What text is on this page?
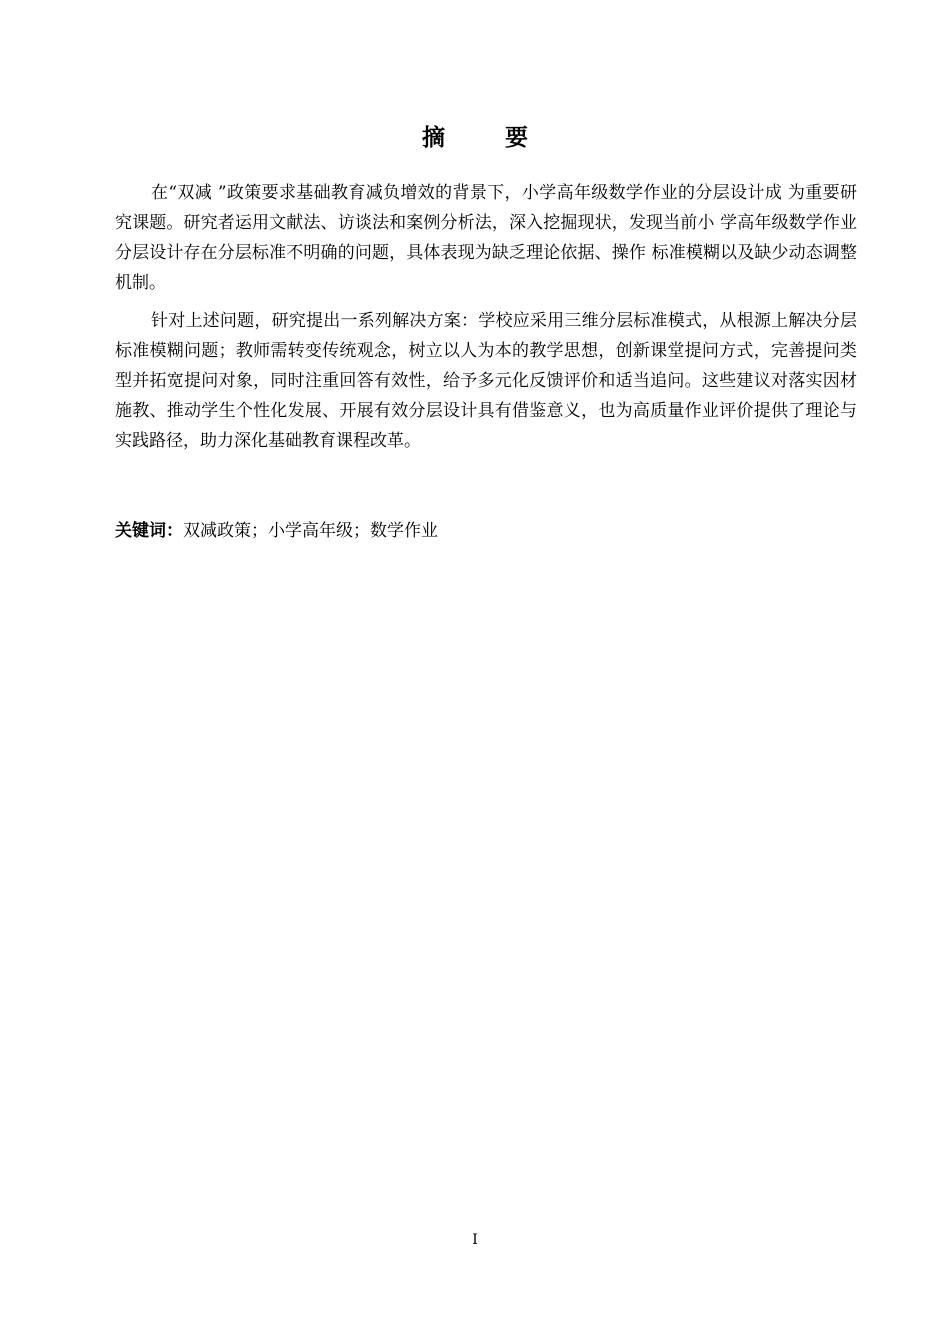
摘 要

在“双减 ”政策要求基础教育减负增效的背景下，小学高年级数学作业的分层设计成 为重要研究课题。研究者运用文献法、访谈法和案例分析法，深入挖掘现状，发现当前小 学高年级数学作业分层设计存在分层标准不明确的问题，具体表现为缺乏理论依据、操作 标准模糊以及缺少动态调整机制。

针对上述问题，研究提出一系列解决方案：学校应采用三维分层标准模式，从根源上解决分层标准模糊问题；教师需转变传统观念，树立以人为本的教学思想，创新课堂提问方式，完善提问类型并拓宽提问对象，同时注重回答有效性，给予多元化反馈评价和适当追问。这些建议对落实因材施教、推动学生个性化发展、开展有效分层设计具有借鉴意义，也为高质量作业评价提供了理论与实践路径，助力深化基础教育课程改革。

关键词：双减政策；小学高年级；数学作业
I
